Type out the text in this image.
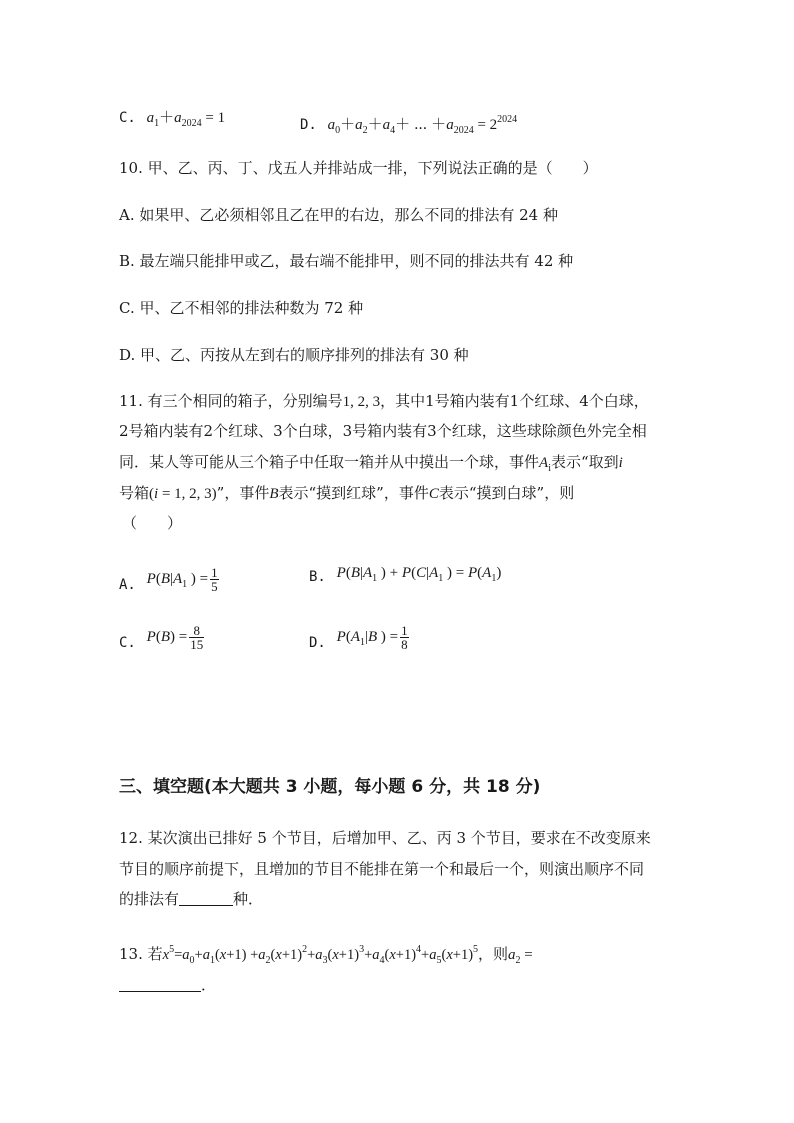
C. $a_1+a_{2024} = 1$	D. $a_0+a_2+a_4+$ ⋯ $+a_{2024} = 2^{2024}$
10. 甲、乙、丙、丁、戊五人并排站成一排，下列说法正确的是（　　）
A. 如果甲、乙必须相邻且乙在甲的右边，那么不同的排法有 24 种
B. 最左端只能排甲或乙，最右端不能排甲，则不同的排法共有 42 种
C. 甲、乙不相邻的排法种数为 72 种
D. 甲、乙、丙按从左到右的顺序排列的排法有 30 种
11. 有三个相同的箱子，分别编号1, 2, 3，其中1号箱内装有1个红球、4个白球，
2号箱内装有2个红球、3个白球，3号箱内装有3个红球，这些球除颜色外完全相
同．某人等可能从三个箱子中任取一箱并从中摸出一个球，事件$A_i$表示“取到i
号箱(i = 1, 2, 3)”，事件B表示“摸到红球”，事件C表示“摸到白球”，则
（　　）
A. $P(B|A_1$ ) = $\frac{1}{5}$	B. $P(B|A_1$ ) + $P(C|A_1$ ) = $P(A_1)$
C. $P(B) = \frac{8}{15}$	D. $P(A_1|B$ ) = $\frac{1}{8}$
三、填空题(本大题共 3 小题，每小题 6 分，共 18 分)
12. 某次演出已排好 5 个节目，后增加甲、乙、丙 3 个节目，要求在不改变原来
节目的顺序前提下，且增加的节目不能排在第一个和最后一个，则演出顺序不同
的排法有	种．
13. 若$x^5=a_0+a_1(x+1) +a_2(x+1)^2+a_3(x+1)^3+a_4(x+1)^4+a_5(x+1)^5$，则$a_2$ =
．
